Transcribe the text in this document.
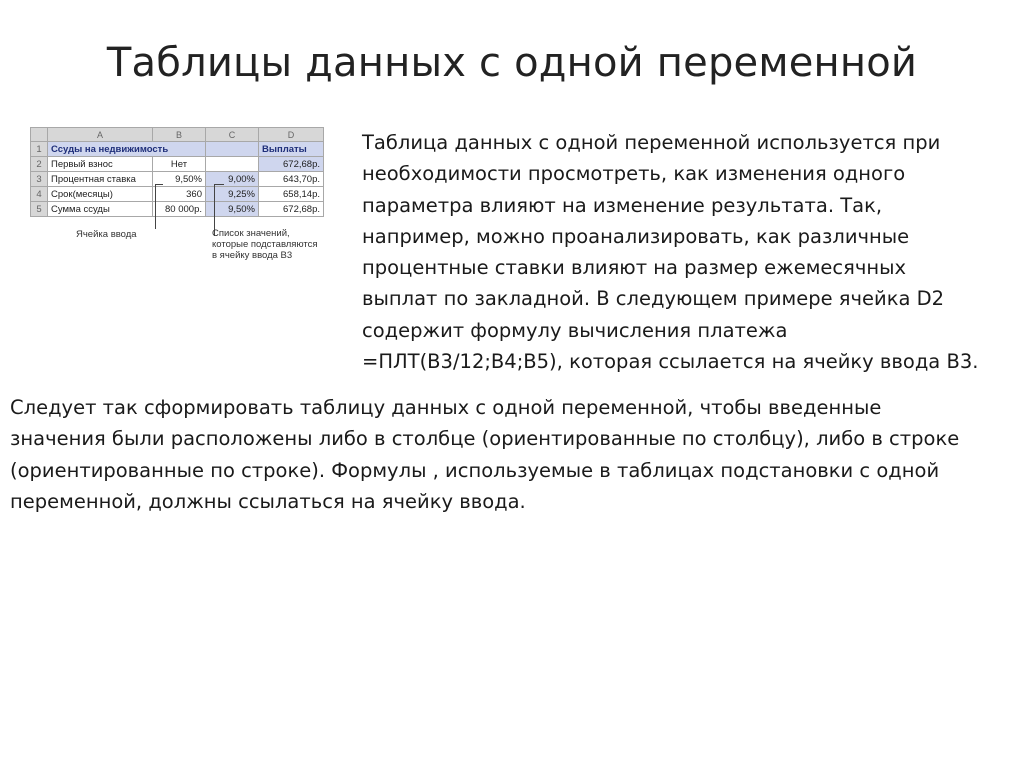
Таблицы данных с одной переменной
	A	B	C	D
1	Ссуды на недвижимость			Выплаты
2	Первый взнос	Нет		672,68р.
3	Процентная ставка	9,50%	9,00%	643,70р.
4	Срок(месяцы)	360	9,25%	658,14р.
5	Сумма ссуды	80 000р.	9,50%	672,68р.
Ячейка ввода	Список значений,
которые подставляются
в ячейку ввода B3
Таблица данных с одной переменной используется при
необходимости просмотреть, как изменения одного
параметра влияют на изменение результата. Так,
например, можно проанализировать, как различные
процентные ставки влияют на размер ежемесячных
выплат по закладной. В следующем примере ячейка D2
содержит формулу вычисления платежа
=ПЛТ(B3/12;B4;B5), которая ссылается на ячейку ввода B3.
Следует так сформировать таблицу данных с одной переменной, чтобы введенные
значения были расположены либо в столбце (ориентированные по столбцу), либо в строке
(ориентированные по строке). Формулы , используемые в таблицах подстановки с одной
переменной, должны ссылаться на ячейку ввода.
